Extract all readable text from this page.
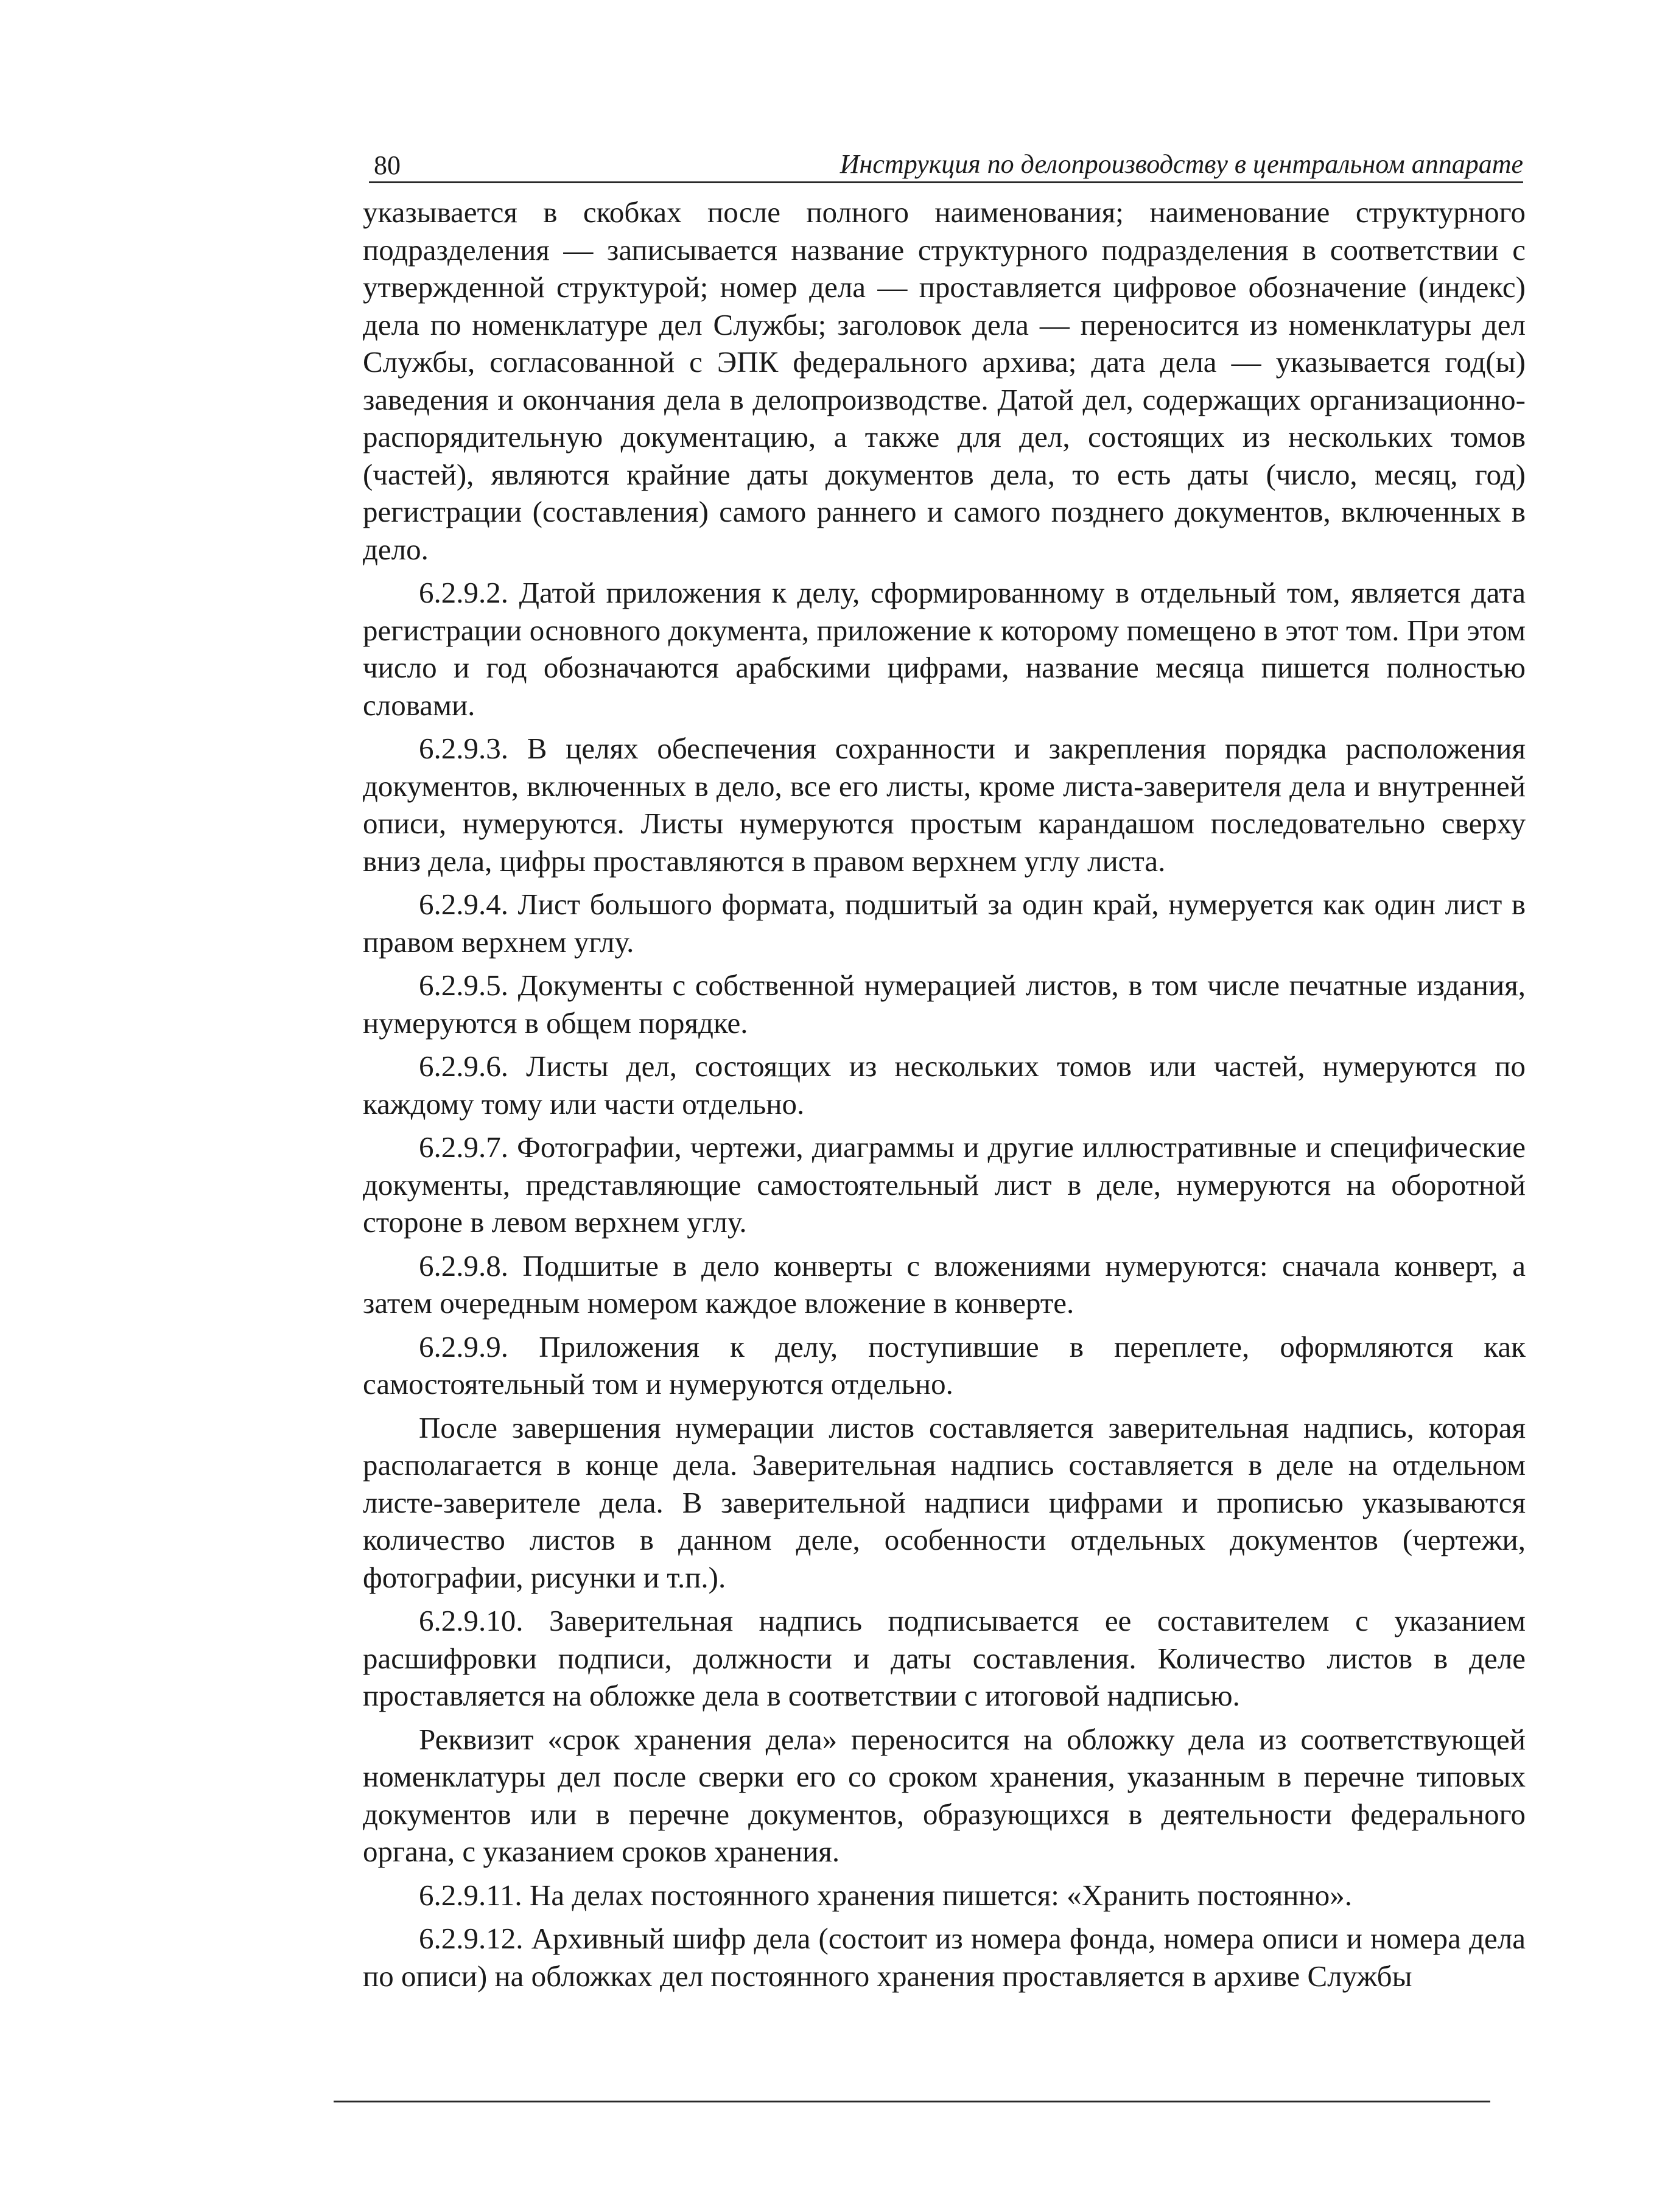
80	Инструкция по делопроизводству в центральном аппарате

указывается в скобках после полного наименования; наименование структурного подразделения — записывается название структурного подразделения в соответствии с утвержденной структурой; номер дела — проставляется цифровое обозначение (индекс) дела по номенклатуре дел Службы; заголовок дела — переносится из номенклатуры дел Службы, согласованной с ЭПК федерального архива; дата дела — указывается год(ы) заведения и окончания дела в делопроизводстве. Датой дел, содержащих организационно-распорядительную документацию, а также для дел, состоящих из нескольких томов (частей), являются крайние даты документов дела, то есть даты (число, месяц, год) регистрации (составления) самого раннего и самого позднего документов, включенных в дело.

6.2.9.2. Датой приложения к делу, сформированному в отдельный том, является дата регистрации основного документа, приложение к которому помещено в этот том. При этом число и год обозначаются арабскими цифрами, название месяца пишется полностью словами.

6.2.9.3. В целях обеспечения сохранности и закрепления порядка расположения документов, включенных в дело, все его листы, кроме листа-заверителя дела и внутренней описи, нумеруются. Листы нумеруются простым карандашом последовательно сверху вниз дела, цифры проставляются в правом верхнем углу листа.

6.2.9.4. Лист большого формата, подшитый за один край, нумеруется как один лист в правом верхнем углу.

6.2.9.5. Документы с собственной нумерацией листов, в том числе печатные издания, нумеруются в общем порядке.

6.2.9.6. Листы дел, состоящих из нескольких томов или частей, нумеруются по каждому тому или части отдельно.

6.2.9.7. Фотографии, чертежи, диаграммы и другие иллюстративные и специфические документы, представляющие самостоятельный лист в деле, нумеруются на оборотной стороне в левом верхнем углу.

6.2.9.8. Подшитые в дело конверты с вложениями нумеруются: сначала конверт, а затем очередным номером каждое вложение в конверте.

6.2.9.9. Приложения к делу, поступившие в переплете, оформляются как самостоятельный том и нумеруются отдельно.

После завершения нумерации листов составляется заверительная надпись, которая располагается в конце дела. Заверительная надпись составляется в деле на отдельном листе-заверителе дела. В заверительной надписи цифрами и прописью указываются количество листов в данном деле, особенности отдельных документов (чертежи, фотографии, рисунки и т.п.).

6.2.9.10. Заверительная надпись подписывается ее составителем с указанием расшифровки подписи, должности и даты составления. Количество листов в деле проставляется на обложке дела в соответствии с итоговой надписью.

Реквизит «срок хранения дела» переносится на обложку дела из соответствующей номенклатуры дел после сверки его со сроком хранения, указанным в перечне типовых документов или в перечне документов, образующихся в деятельности федерального органа, с указанием сроков хранения.

6.2.9.11. На делах постоянного хранения пишется: «Хранить постоянно».

6.2.9.12. Архивный шифр дела (состоит из номера фонда, номера описи и номера дела по описи) на обложках дел постоянного хранения проставляется в архиве Службы
